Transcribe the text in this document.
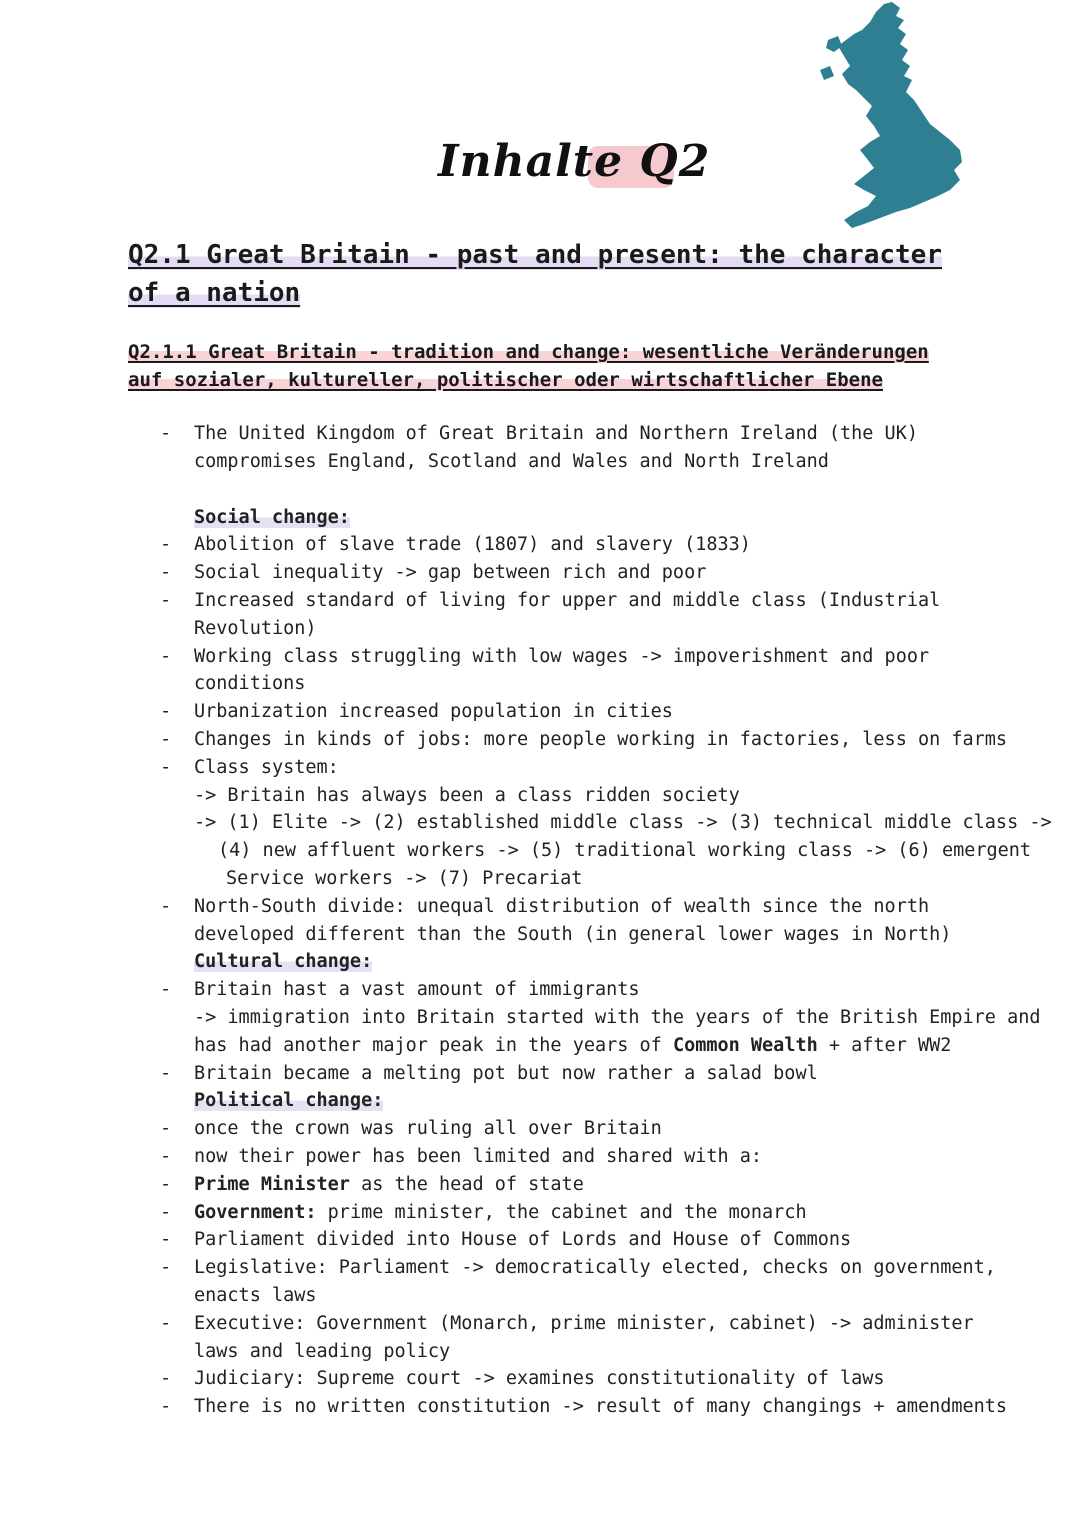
Inhalte Q2
Q2.1 Great Britain - past and present: the character of a nation
Q2.1.1 Great Britain - tradition and change: wesentliche Veränderungen auf sozialer, kultureller, politischer oder wirtschaftlicher Ebene
- The United Kingdom of Great Britain and Northern Ireland (the UK)
compromises England, Scotland and Wales and North Ireland
Social change:
- Abolition of slave trade (1807) and slavery (1833)
- Social inequality -> gap between rich and poor
- Increased standard of living for upper and middle class (Industrial
Revolution)
- Working class struggling with low wages -> impoverishment and poor
conditions
- Urbanization increased population in cities
- Changes in kinds of jobs: more people working in factories, less on farms
- Class system:
-> Britain has always been a class ridden society
-> (1) Elite -> (2) established middle class -> (3) technical middle class ->
(4) new affluent workers -> (5) traditional working class -> (6) emergent
Service workers -> (7) Precariat
- North-South divide: unequal distribution of wealth since the north
developed different than the South (in general lower wages in North)
Cultural change:
- Britain hast a vast amount of immigrants
-> immigration into Britain started with the years of the British Empire and
has had another major peak in the years of Common Wealth + after WW2
- Britain became a melting pot but now rather a salad bowl
Political change:
- once the crown was ruling all over Britain
- now their power has been limited and shared with a:
- Prime Minister as the head of state
- Government: prime minister, the cabinet and the monarch
- Parliament divided into House of Lords and House of Commons
- Legislative: Parliament -> democratically elected, checks on government,
enacts laws
- Executive: Government (Monarch, prime minister, cabinet) -> administer
laws and leading policy
- Judiciary: Supreme court -> examines constitutionality of laws
- There is no written constitution -> result of many changings + amendments
